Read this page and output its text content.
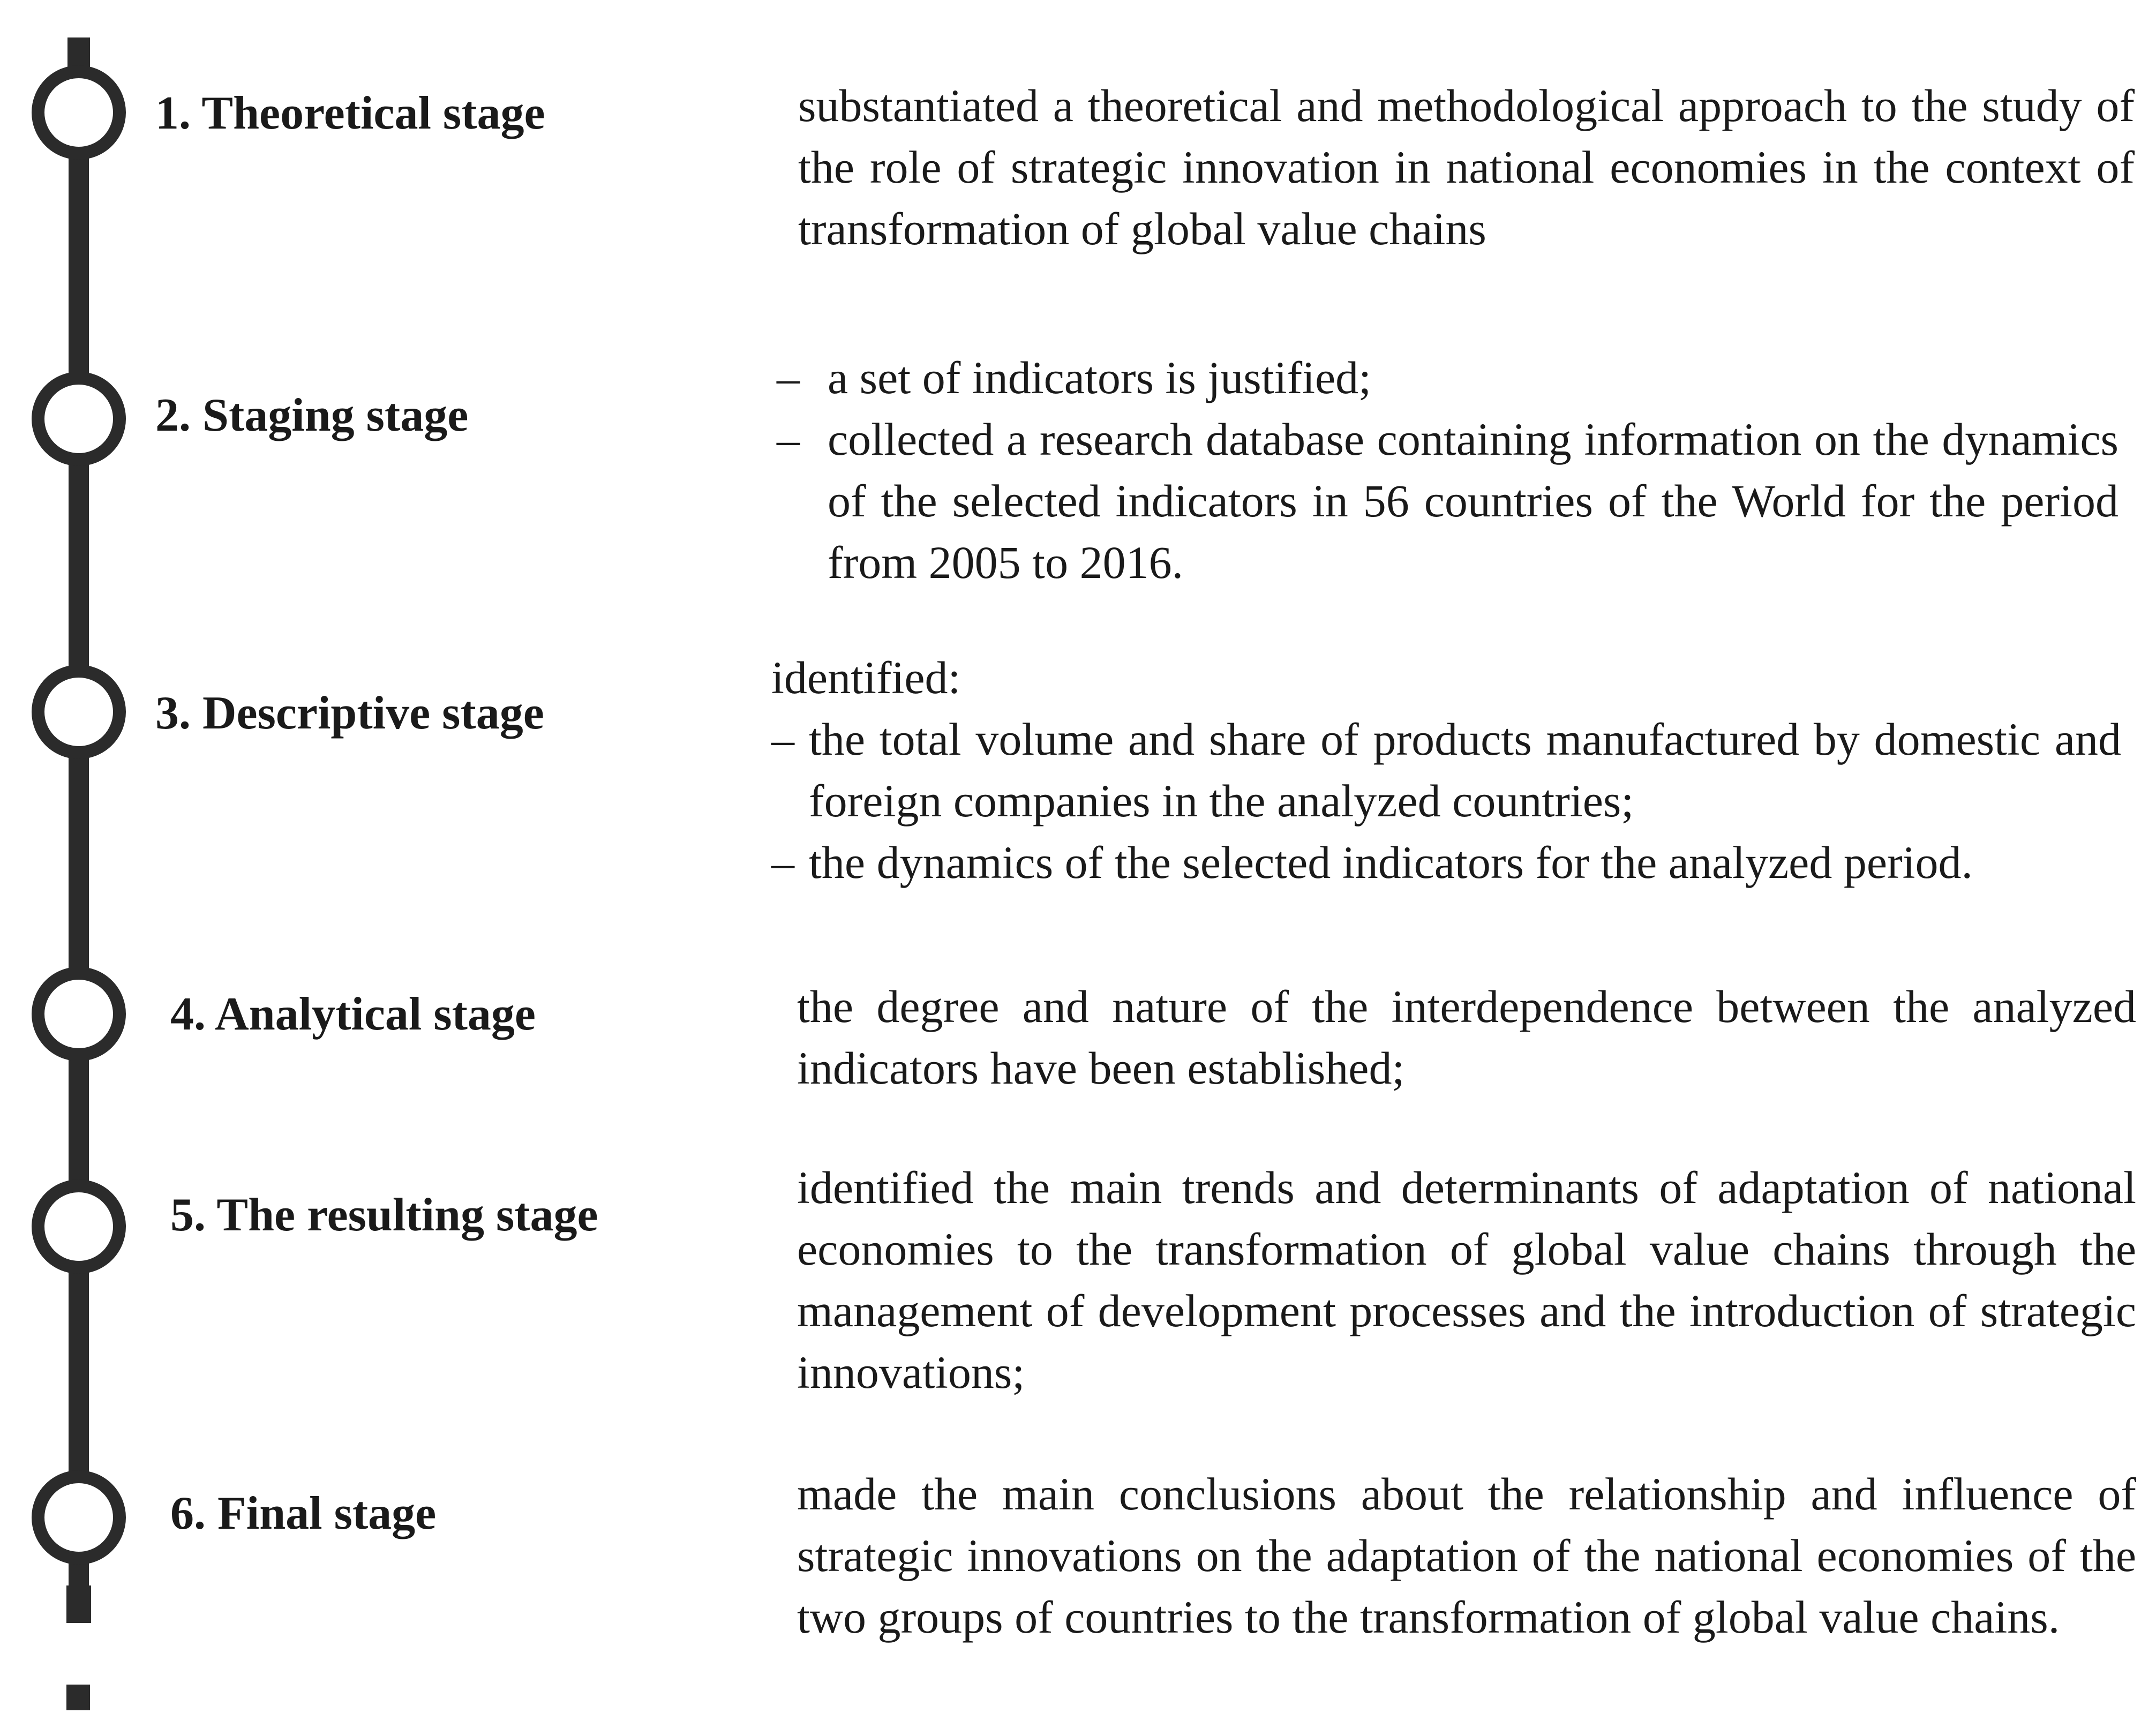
1. Theoretical stage
2. Staging stage
3. Descriptive stage
4. Analytical stage
5. The resulting stage
6. Final stage

substantiated a theoretical and methodological approach to the study of the role of strategic innovation in national economies in the context of transformation of global value chains

– a set of indicators is justified;

– collected a research database containing information on the dynamics of the selected indicators in 56 countries of the World for the period from 2005 to 2016.

identified:

– the total volume and share of products manufactured by domestic and foreign companies in the analyzed countries;

– the dynamics of the selected indicators for the analyzed period.

the degree and nature of the interdependence between the analyzed indicators have been established;

identified the main trends and determinants of adaptation of national economies to the transformation of global value chains through the management of development processes and the introduction of strategic innovations;

made the main conclusions about the relationship and influence of strategic innovations on the adaptation of the national economies of the two groups of countries to the transformation of global value chains.
